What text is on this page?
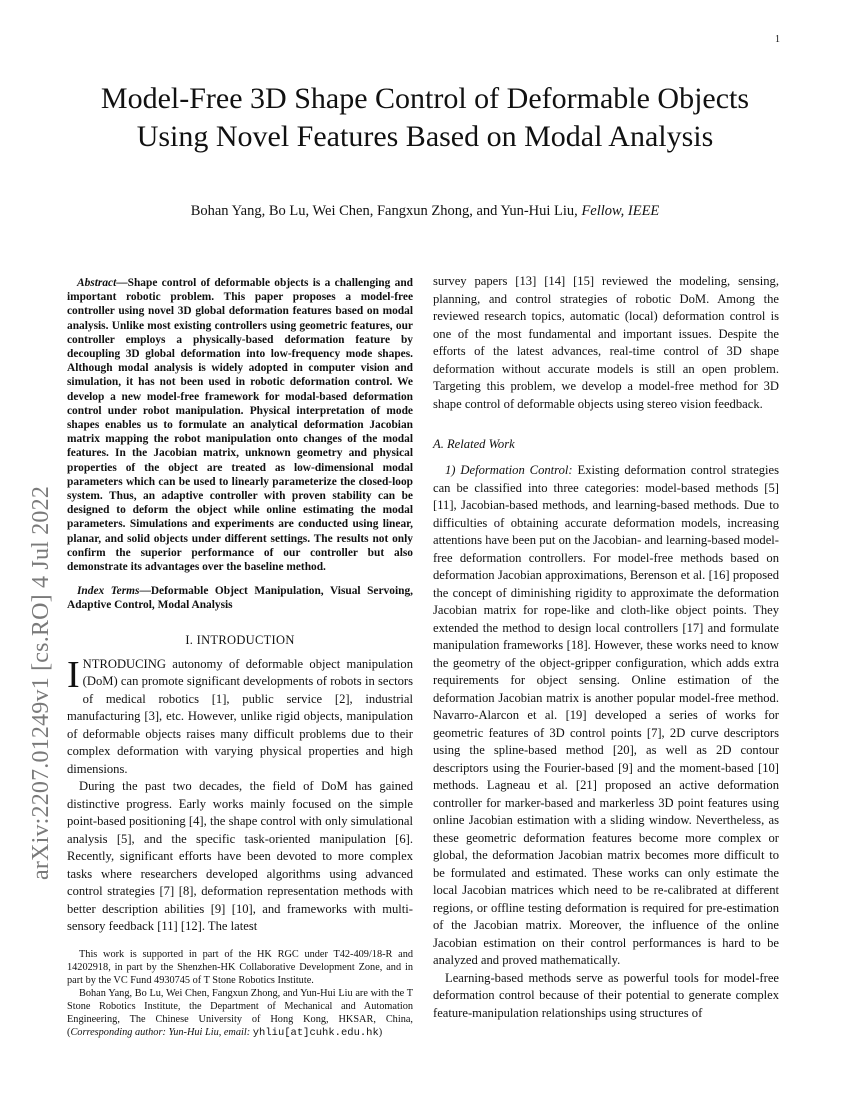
1
arXiv:2207.01249v1 [cs.RO] 4 Jul 2022
Model-Free 3D Shape Control of Deformable Objects Using Novel Features Based on Modal Analysis
Bohan Yang, Bo Lu, Wei Chen, Fangxun Zhong, and Yun-Hui Liu, Fellow, IEEE

Abstract—Shape control of deformable objects is a challenging and important robotic problem. This paper proposes a model-free controller using novel 3D global deformation features based on modal analysis. Unlike most existing controllers using geometric features, our controller employs a physically-based deformation feature by decoupling 3D global deformation into low-frequency mode shapes. Although modal analysis is widely adopted in computer vision and simulation, it has not been used in robotic deformation control. We develop a new model-free framework for modal-based deformation control under robot manipulation. Physical interpretation of mode shapes enables us to formulate an analytical deformation Jacobian matrix mapping the robot manipulation onto changes of the modal features. In the Jacobian matrix, unknown geometry and physical properties of the object are treated as low-dimensional modal parameters which can be used to linearly parameterize the closed-loop system. Thus, an adaptive controller with proven stability can be designed to deform the object while online estimating the modal parameters. Simulations and experiments are conducted using linear, planar, and solid objects under different settings. The results not only confirm the superior performance of our controller but also demonstrate its advantages over the baseline method.

Index Terms—Deformable Object Manipulation, Visual Servoing, Adaptive Control, Modal Analysis

I. INTRODUCTION

INTRODUCING autonomy of deformable object manipulation (DoM) can promote significant developments of robots in sectors of medical robotics [1], public service [2], industrial manufacturing [3], etc. However, unlike rigid objects, manipulation of deformable objects raises many difficult problems due to their complex deformation with varying physical properties and high dimensions.

During the past two decades, the field of DoM has gained distinctive progress. Early works mainly focused on the simple point-based positioning [4], the shape control with only simulational analysis [5], and the specific task-oriented manipulation [6]. Recently, significant efforts have been devoted to more complex tasks where researchers developed algorithms using advanced control strategies [7] [8], deformation representation methods with better description abilities [9] [10], and frameworks with multi-sensory feedback [11] [12]. The latest

This work is supported in part of the HK RGC under T42-409/18-R and 14202918, in part by the Shenzhen-HK Collaborative Development Zone, and in part by the VC Fund 4930745 of T Stone Robotics Institute.

Bohan Yang, Bo Lu, Wei Chen, Fangxun Zhong, and Yun-Hui Liu are with the T Stone Robotics Institute, the Department of Mechanical and Automation Engineering, The Chinese University of Hong Kong, HKSAR, China, (Corresponding author: Yun-Hui Liu, email: yhliu[at]cuhk.edu.hk)

survey papers [13] [14] [15] reviewed the modeling, sensing, planning, and control strategies of robotic DoM. Among the reviewed research topics, automatic (local) deformation control is one of the most fundamental and important issues. Despite the efforts of the latest advances, real-time control of 3D shape deformation without accurate models is still an open problem. Targeting this problem, we develop a model-free method for 3D shape control of deformable objects using stereo vision feedback.

A. Related Work

1) Deformation Control: Existing deformation control strategies can be classified into three categories: model-based methods [5] [11], Jacobian-based methods, and learning-based methods. Due to difficulties of obtaining accurate deformation models, increasing attentions have been put on the Jacobian- and learning-based model-free deformation controllers. For model-free methods based on deformation Jacobian approximations, Berenson et al. [16] proposed the concept of diminishing rigidity to approximate the deformation Jacobian matrix for rope-like and cloth-like object points. They extended the method to design local controllers [17] and formulate manipulation frameworks [18]. However, these works need to know the geometry of the object-gripper configuration, which adds extra requirements for object sensing. Online estimation of the deformation Jacobian matrix is another popular model-free method. Navarro-Alarcon et al. [19] developed a series of works for geometric features of 3D control points [7], 2D curve descriptors using the spline-based method [20], as well as 2D contour descriptors using the Fourier-based [9] and the moment-based [10] methods. Lagneau et al. [21] proposed an active deformation controller for marker-based and markerless 3D point features using online Jacobian estimation with a sliding window. Nevertheless, as these geometric deformation features become more complex or global, the deformation Jacobian matrix becomes more difficult to be formulated and estimated. These works can only estimate the local Jacobian matrices which need to be re-calibrated at different regions, or offline testing deformation is required for pre-estimation of the Jacobian matrix. Moreover, the influence of the online Jacobian estimation on their control performances is hard to be analyzed and proved mathematically.

Learning-based methods serve as powerful tools for model-free deformation control because of their potential to generate complex feature-manipulation relationships using structures of
